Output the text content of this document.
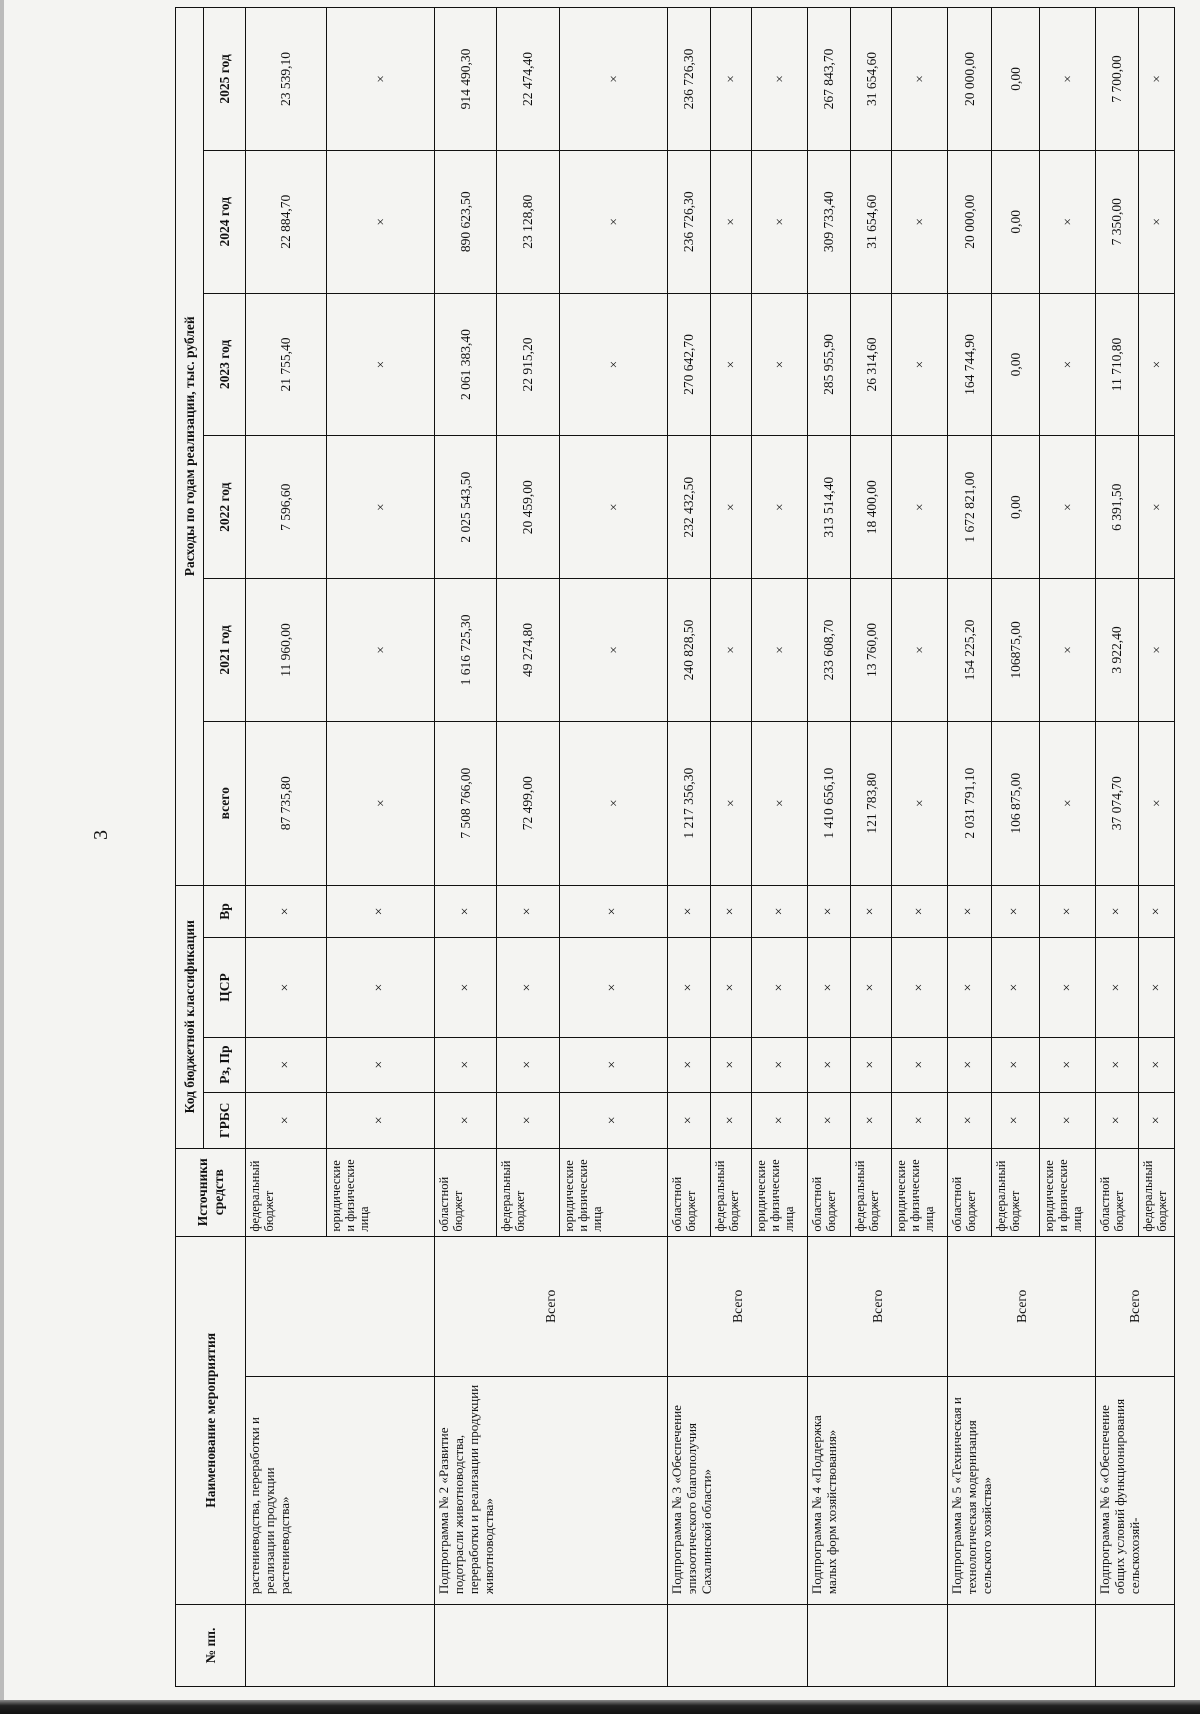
3
№ пп.	Наименование мероприятия		Источники средств	Код бюджетной классификации				Расходы по годам реализации, тыс. рублей					
				ГРБС	Рз, Пр	ЦСР	Вр	всего	2021 год	2022 год	2023 год	2024 год	2025 год
	растениеводства, переработки и реализации продукции растениеводства»		федеральный бюджет	×	×	×	×	87 735,80	11 960,00	7 596,60	21 755,40	22 884,70	23 539,10
			юридические и физические лица	×	×	×	×	×	×	×	×	×	×
	Подпрограмма № 2 «Развитие подотрасли животноводства, переработки и реализации продукции животноводства»	Всего	областной бюджет	×	×	×	×	7 508 766,00	1 616 725,30	2 025 543,50	2 061 383,40	890 623,50	914 490,30
			федеральный бюджет	×	×	×	×	72 499,00	49 274,80	20 459,00	22 915,20	23 128,80	22 474,40
			юридические и физические лица	×	×	×	×	×	×	×	×	×	×
	Подпрограмма № 3 «Обеспечение эпизоотического благополучия Сахалинской области»	Всего	областной бюджет	×	×	×	×	1 217 356,30	240 828,50	232 432,50	270 642,70	236 726,30	236 726,30
			федеральный бюджет	×	×	×	×	×	×	×	×	×	×
			юридические и физические лица	×	×	×	×	×	×	×	×	×	×
	Подпрограмма № 4 «Поддержка малых форм хозяйствования»	Всего	областной бюджет	×	×	×	×	1 410 656,10	233 608,70	313 514,40	285 955,90	309 733,40	267 843,70
			федеральный бюджет	×	×	×	×	121 783,80	13 760,00	18 400,00	26 314,60	31 654,60	31 654,60
			юридические и физические лица	×	×	×	×	×	×	×	×	×	×
	Подпрограмма № 5 «Техническая и технологическая модернизация сельского хозяйства»	Всего	областной бюджет	×	×	×	×	2 031 791,10	154 225,20	1 672 821,00	164 744,90	20 000,00	20 000,00
			федеральный бюджет	×	×	×	×	106 875,00	106875,00	0,00	0,00	0,00	0,00
			юридические и физические лица	×	×	×	×	×	×	×	×	×	×
	Подпрограмма № 6 «Обеспечение общих условий функционирования сельскохозяй-	Всего	областной бюджет	×	×	×	×	37 074,70	3 922,40	6 391,50	11 710,80	7 350,00	7 700,00
			федеральный бюджет	×	×	×	×	×	×	×	×	×	×
